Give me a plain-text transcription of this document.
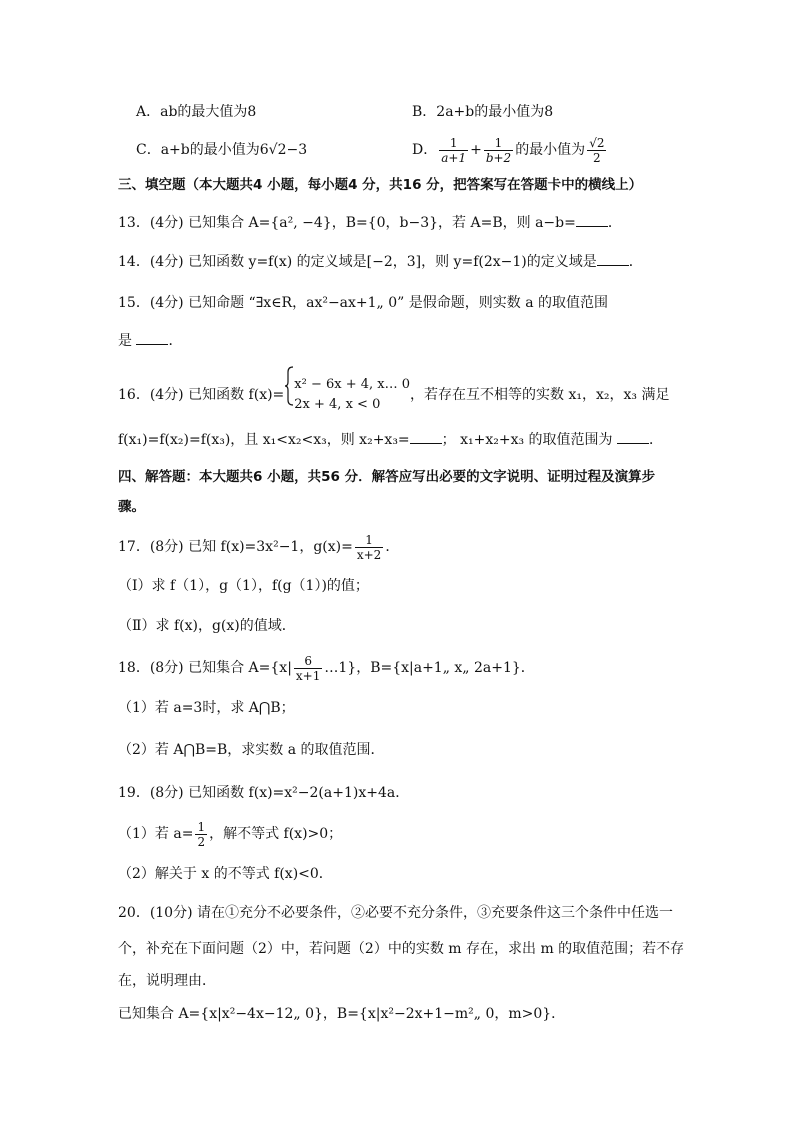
A．ab的最大值为8	B．2a+b的最小值为8
C．a+b的最小值为6√2−3	D． $\frac{1}{a+1} + \frac{1}{b+2}$ 的最小值为 $\frac{√2}{2}$
三、填空题（本大题共4 小题，每小题4 分，共16 分，把答案写在答题卡中的横线上）
13．(4分) 已知集合 A={a², −4}，B={0，b−3}，若 A=B，则 a−b= ．
14．(4分) 已知函数 y=f(x) 的定义域是[−2，3]，则 y=f(2x−1)的定义域是 ．
15．(4分) 已知命题 “∃x∈R，ax²−ax+1„ 0” 是假命题，则实数 a 的取值范围
是	．
16．(4分) 已知函数 f(x)=
x² − 6x + 4, x… 0
2x + 4, x < 0
，若存在互不相等的实数 x₁，x₂，x₃ 满足
f(x₁)=f(x₂)=f(x₃)，且 x₁<x₂<x₃，则 x₂+x₃= ； x₁+x₂+x₃ 的取值范围为	．
四、解答题：本大题共6 小题，共56 分．解答应写出必要的文字说明、证明过程及演算步
骤。
17．(8分) 已知 f(x)=3x²−1，$g(x)= \frac{1}{x+2}$ ．
（Ⅰ）求 f（1），g（1），f(g（1）)的值；
（Ⅱ）求 f(x)，g(x)的值域．
18．(8分) 已知集合 $A=\{x| \frac{6}{x+1}$ …1}，B={x|a+1„ x„ 2a+1}．
（1）若 a=3时，求 A⋂B；
（2）若 A⋂B=B，求实数 a 的取值范围．
19．(8分) 已知函数 f(x)=x²−2(a+1)x+4a．
（1）若 $a= \frac{1}{2}$ ，解不等式 f(x)>0；
（2）解关于 x 的不等式 f(x)<0．
20．(10分) 请在①充分不必要条件，②必要不充分条件，③充要条件这三个条件中任选一
个，补充在下面问题（2）中，若问题（2）中的实数 m 存在，求出 m 的取值范围；若不存
在，说明理由．
已知集合 A={x|x²−4x−12„ 0}，B={x|x²−2x+1−m²„ 0，m>0}．
